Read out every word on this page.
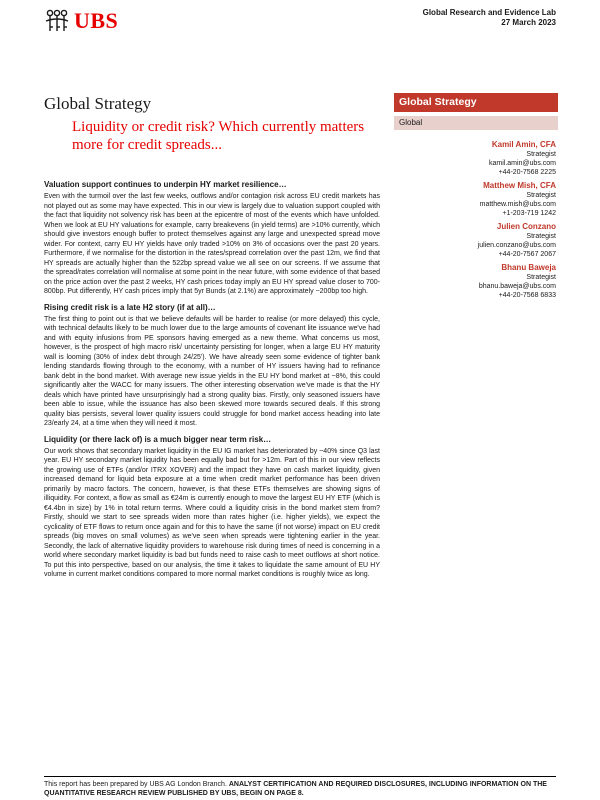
UBS	Global Research and Evidence Lab
27 March 2023
Global Strategy
Liquidity or credit risk? Which currently matters more for credit spreads...
Global Strategy
Global
Kamil Amin, CFA
Strategist
kamil.amin@ubs.com
+44-20-7568 2225
Matthew Mish, CFA
Strategist
matthew.mish@ubs.com
+1-203-719 1242
Julien Conzano
Strategist
julien.conzano@ubs.com
+44-20-7567 2067
Bhanu Baweja
Strategist
bhanu.baweja@ubs.com
+44-20-7568 6833
Valuation support continues to underpin HY market resilience…

Even with the turmoil over the last few weeks, outflows and/or contagion risk across EU credit markets has not played out as some may have expected. This in our view is largely due to valuation support coupled with the fact that liquidity not solvency risk has been at the epicentre of most of the events which have unfolded. When we look at EU HY valuations for example, carry breakevens (in yield terms) are >10% currently, which should give investors enough buffer to protect themselves against any large and unexpected spread move wider. For context, carry EU HY yields have only traded >10% on 3% of occasions over the past 20 years. Furthermore, if we normalise for the distortion in the rates/spread correlation over the past 12m, we find that HY spreads are actually higher than the 522bp spread value we all see on our screens. If we assume that the spread/rates correlation will normalise at some point in the near future, with some evidence of that based on the price action over the past 2 weeks, HY cash prices today imply an EU HY spread value closer to 700-800bp. Put differently, HY cash prices imply that 5yr Bunds (at 2.1%) are approximately ~200bp too high.

Rising credit risk is a late H2 story (if at all)…

The first thing to point out is that we believe defaults will be harder to realise (or more delayed) this cycle, with technical defaults likely to be much lower due to the large amounts of covenant lite issuance we've had and with equity infusions from PE sponsors having emerged as a new theme. What concerns us most, however, is the prospect of high macro risk/ uncertainty persisting for longer, when a large EU HY maturity wall is looming (30% of index debt through 24/25'). We have already seen some evidence of tighter bank lending standards flowing through to the economy, with a number of HY issuers having had to refinance bank debt in the bond market. With average new issue yields in the EU HY bond market at ~8%, this could significantly alter the WACC for many issuers. The other interesting observation we've made is that the HY deals which have printed have unsurprisingly had a strong quality bias. Firstly, only seasoned issuers have been able to issue, while the issuance has also been skewed more towards secured deals. If this strong quality bias persists, several lower quality issuers could struggle for bond market access heading into late 23/early 24, at a time when they will need it most.

Liquidity (or there lack of) is a much bigger near term risk…

Our work shows that secondary market liquidity in the EU IG market has deteriorated by ~40% since Q3 last year. EU HY secondary market liquidity has been equally bad but for >12m. Part of this in our view reflects the growing use of ETFs (and/or ITRX XOVER) and the impact they have on cash market liquidity, given increased demand for liquid beta exposure at a time when credit market performance has been driven primarily by macro factors. The concern, however, is that these ETFs themselves are showing signs of illiquidity. For context, a flow as small as €24m is currently enough to move the largest EU HY ETF (which is €4.4bn in size) by 1% in total return terms. Where could a liquidity crisis in the bond market stem from? Firstly, should we start to see spreads widen more than rates higher (i.e. higher yields), we expect the cyclicality of ETF flows to return once again and for this to have the same (if not worse) impact on EU credit spreads (big moves on small volumes) as we've seen when spreads were tightening earlier in the year. Secondly, the lack of alternative liquidity providers to warehouse risk during times of need is concerning in a world where secondary market liquidity is bad but funds need to raise cash to meet outflows at short notice. To put this into perspective, based on our analysis, the time it takes to liquidate the same amount of EU HY volume in current market conditions compared to more normal market conditions is roughly twice as long.

This report has been prepared by UBS AG London Branch. ANALYST CERTIFICATION AND REQUIRED DISCLOSURES, INCLUDING INFORMATION ON THE QUANTITATIVE RESEARCH REVIEW PUBLISHED BY UBS, BEGIN ON PAGE 8.
